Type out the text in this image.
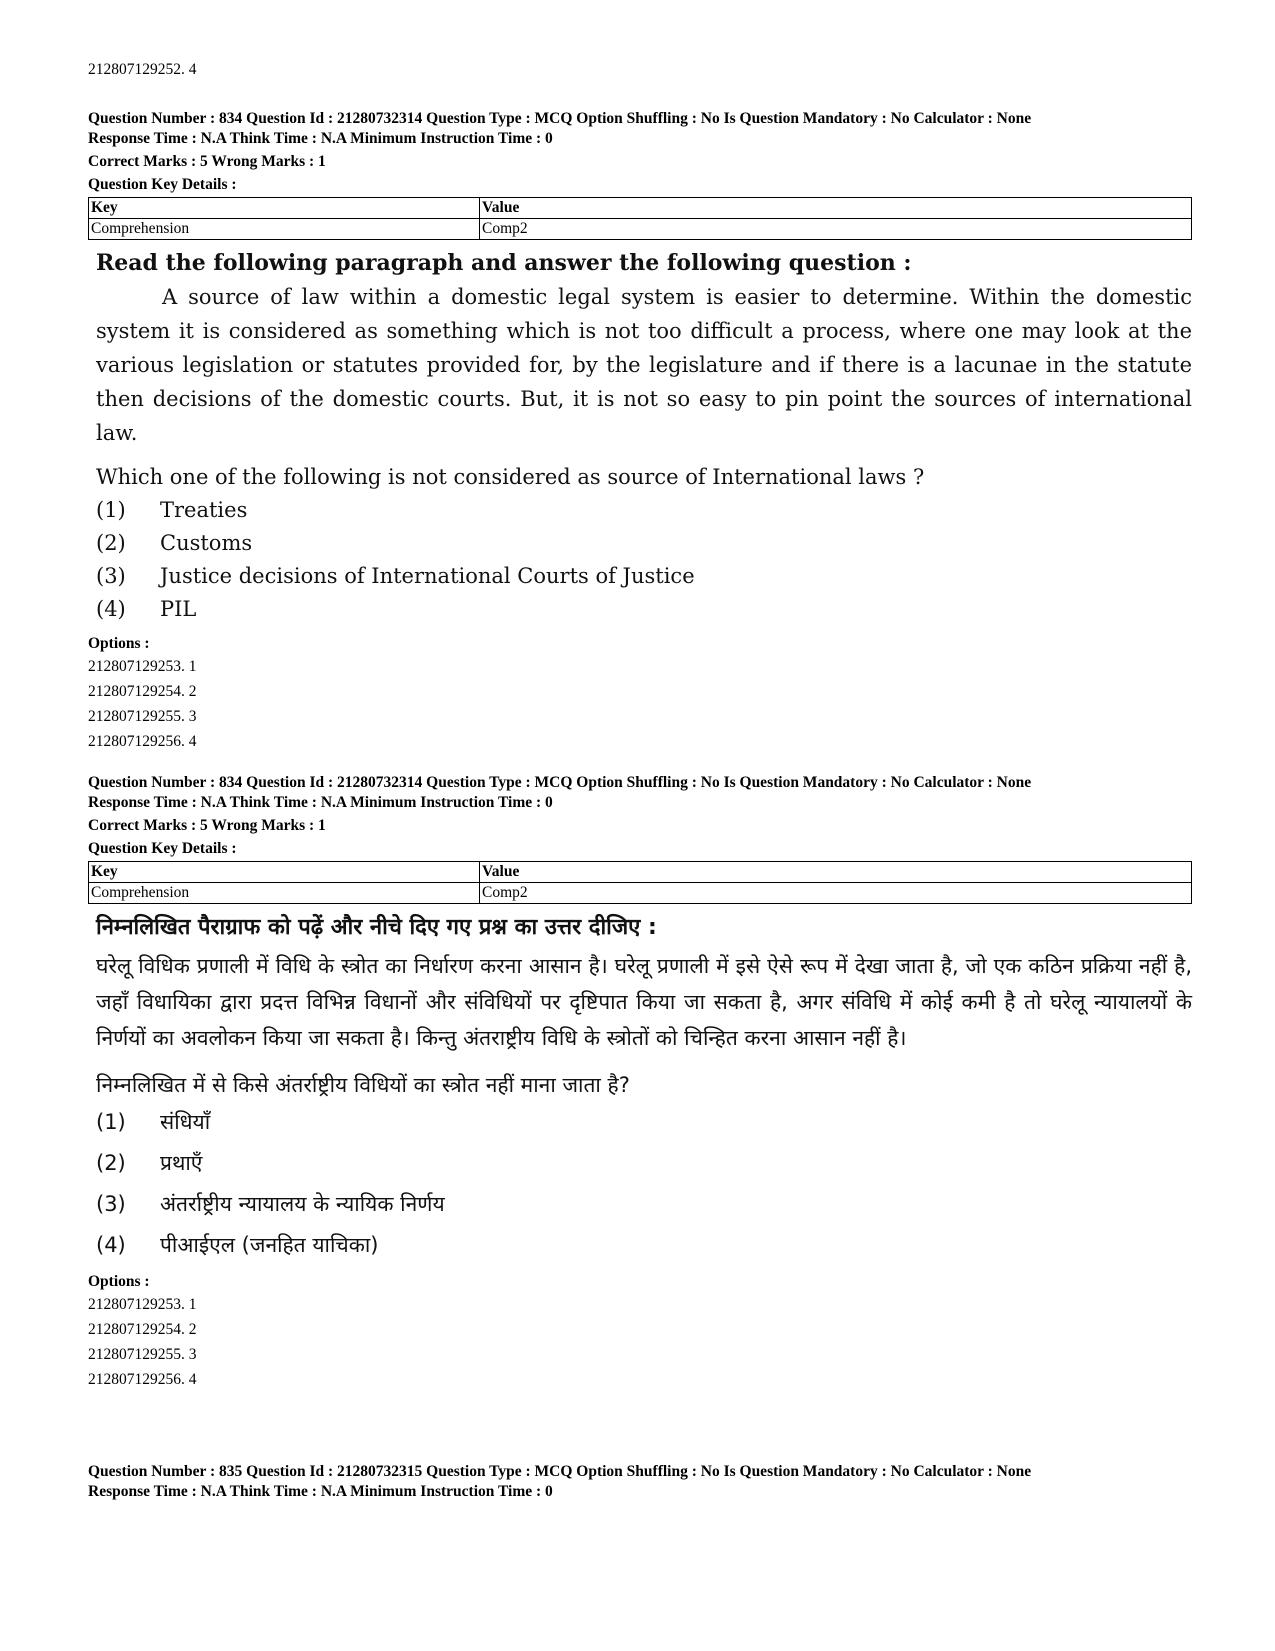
212807129252. 4
Question Number : 834 Question Id : 21280732314 Question Type : MCQ Option Shuffling : No Is Question Mandatory : No Calculator : None
Response Time : N.A Think Time : N.A Minimum Instruction Time : 0
Correct Marks : 5 Wrong Marks : 1
Question Key Details :
Key	Value
Comprehension	Comp2
Read the following paragraph and answer the following question :
A source of law within a domestic legal system is easier to determine. Within the domestic system it is considered as something which is not too difficult a process, where one may look at the various legislation or statutes provided for, by the legislature and if there is a lacunae in the statute then decisions of the domestic courts. But, it is not so easy to pin point the sources of international law.
Which one of the following is not considered as source of International laws ?
(1)	Treaties
(2)	Customs
(3)	Justice decisions of International Courts of Justice
(4)	PIL
Options :
212807129253. 1
212807129254. 2
212807129255. 3
212807129256. 4
Question Number : 834 Question Id : 21280732314 Question Type : MCQ Option Shuffling : No Is Question Mandatory : No Calculator : None
Response Time : N.A Think Time : N.A Minimum Instruction Time : 0
Correct Marks : 5 Wrong Marks : 1
Question Key Details :
Key	Value
Comprehension	Comp2
निम्नलिखित पैराग्राफ को पढ़ें और नीचे दिए गए प्रश्न का उत्तर दीजिए :
घरेलू विधिक प्रणाली में विधि के स्त्रोत का निर्धारण करना आसान है। घरेलू प्रणाली में इसे ऐसे रूप में देखा जाता है, जो एक कठिन प्रक्रिया नहीं है, जहाँ विधायिका द्वारा प्रदत्त विभिन्न विधानों और संविधियों पर दृष्टिपात किया जा सकता है, अगर संविधि में कोई कमी है तो घरेलू न्यायालयों के निर्णयों का अवलोकन किया जा सकता है। किन्तु अंतराष्ट्रीय विधि के स्त्रोतों को चिन्हित करना आसान नहीं है।
निम्नलिखित में से किसे अंतर्राष्ट्रीय विधियों का स्त्रोत नहीं माना जाता है?
(1)	संधियाँ
(2)	प्रथाएँ
(3)	अंतर्राष्ट्रीय न्यायालय के न्यायिक निर्णय
(4)	पीआईएल (जनहित याचिका)
Options :
212807129253. 1
212807129254. 2
212807129255. 3
212807129256. 4
Question Number : 835 Question Id : 21280732315 Question Type : MCQ Option Shuffling : No Is Question Mandatory : No Calculator : None
Response Time : N.A Think Time : N.A Minimum Instruction Time : 0
